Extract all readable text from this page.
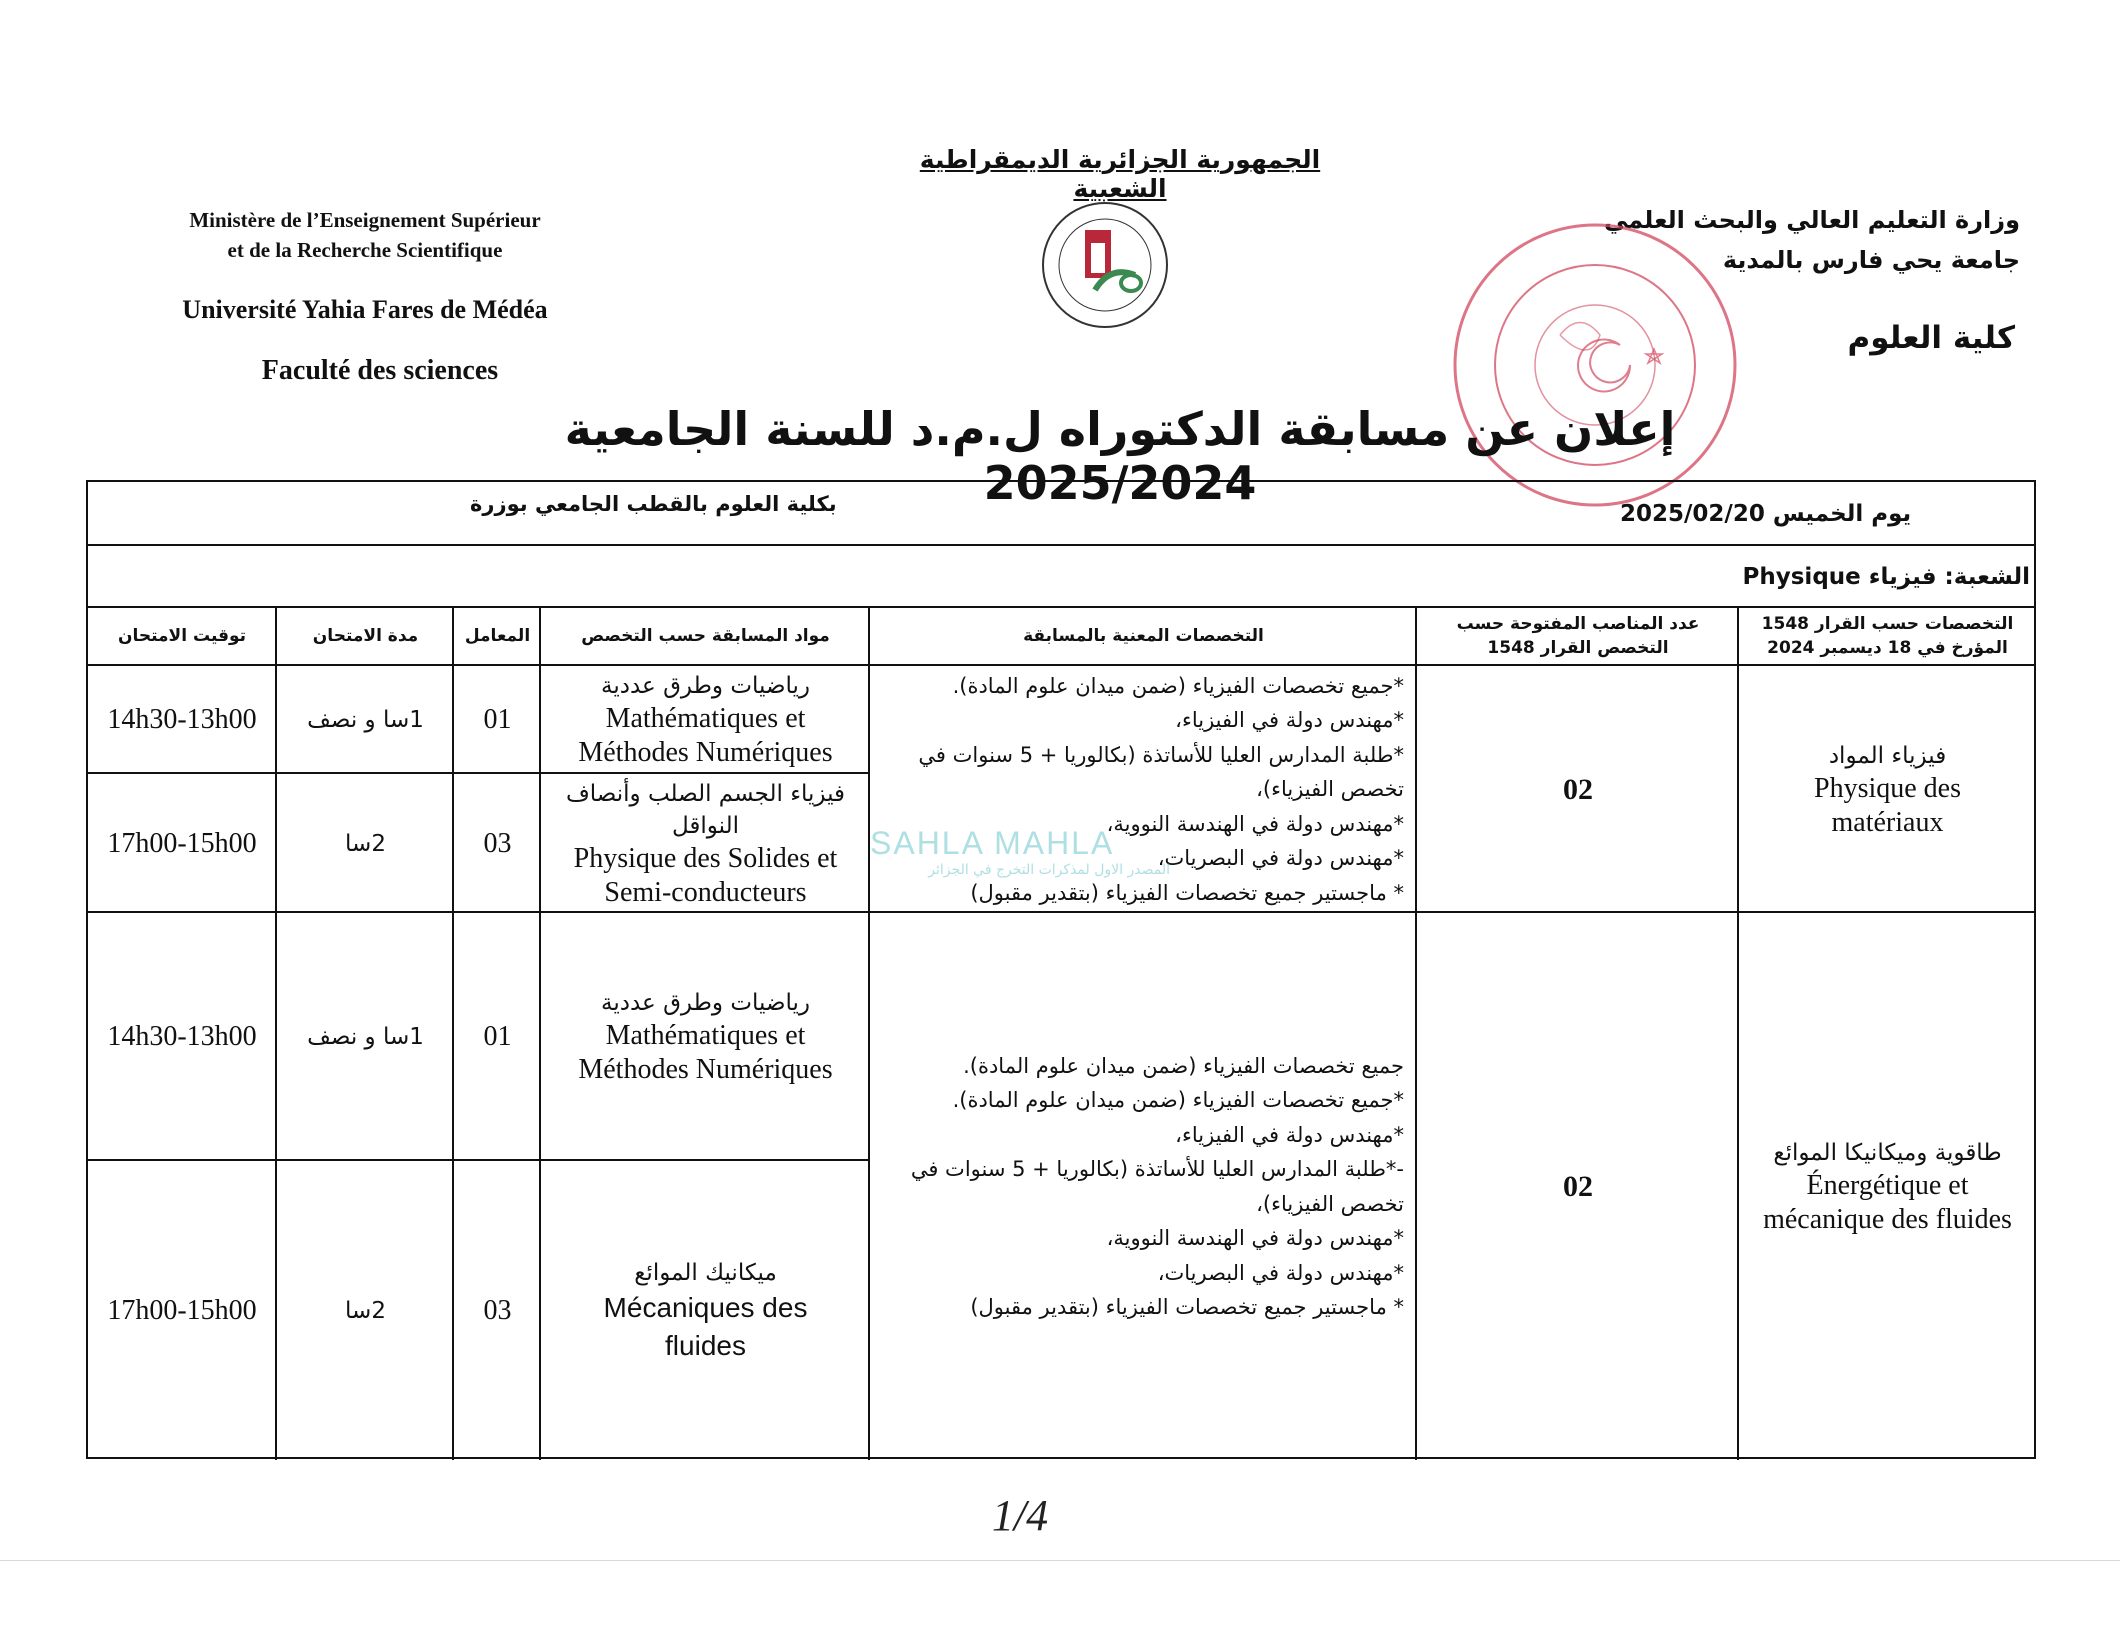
الجمهورية الجزائرية الديمقراطية الشعبية
Ministère de l’Enseignement Supérieur
et de la Recherche Scientifique
Université Yahia Fares de Médéa
Faculté des sciences
وزارة التعليم العالي والبحث العلمي
جامعة يحي فارس بالمدية
كلية العلوم
إعلان عن مسابقة الدكتوراه ل.م.د للسنة الجامعية 2025/2024
يوم الخميس 2025/02/20
بكلية العلوم بالقطب الجامعي بوزرة
الشعبة: فيزياء Physique
التخصصات حسب القرار 1548 المؤرخ في 18 ديسمبر 2024
عدد المناصب المفتوحة حسب التخصص القرار 1548
التخصصات المعنية بالمسابقة
مواد المسابقة حسب التخصص
المعامل
مدة الامتحان
توقيت الامتحان
فيزياء المواد
Physique des matériaux
02
*جميع تخصصات الفيزياء (ضمن ميدان علوم المادة).
*مهندس دولة في الفيزياء،
*طلبة المدارس العليا للأساتذة (بكالوريا + 5 سنوات في تخصص الفيزياء)،
*مهندس دولة في الهندسة النووية،
*مهندس دولة في البصريات،
* ماجستير جميع تخصصات الفيزياء (بتقدير مقبول)
رياضيات وطرق عددية
Mathématiques et Méthodes Numériques
01
1سا و نصف
14h30-13h00
فيزياء الجسم الصلب وأنصاف النواقل
Physique des Solides et Semi-conducteurs
03
2سا
17h00-15h00
طاقوية وميكانيكا الموائع
Énergétique et mécanique des fluides
02
جميع تخصصات الفيزياء (ضمن ميدان علوم المادة).
*جميع تخصصات الفيزياء (ضمن ميدان علوم المادة).
*مهندس دولة في الفيزياء،
-*طلبة المدارس العليا للأساتذة (بكالوريا + 5 سنوات في تخصص الفيزياء)،
*مهندس دولة في الهندسة النووية،
*مهندس دولة في البصريات،
* ماجستير جميع تخصصات الفيزياء (بتقدير مقبول)
رياضيات وطرق عددية
Mathématiques et Méthodes Numériques
01
1سا و نصف
14h30-13h00
ميكانيك الموائع
Mécaniques des fluides
03
2سا
17h00-15h00
SAHLA MAHLA
المصدر الاول لمذكرات التخرج في الجزائر
1/4
